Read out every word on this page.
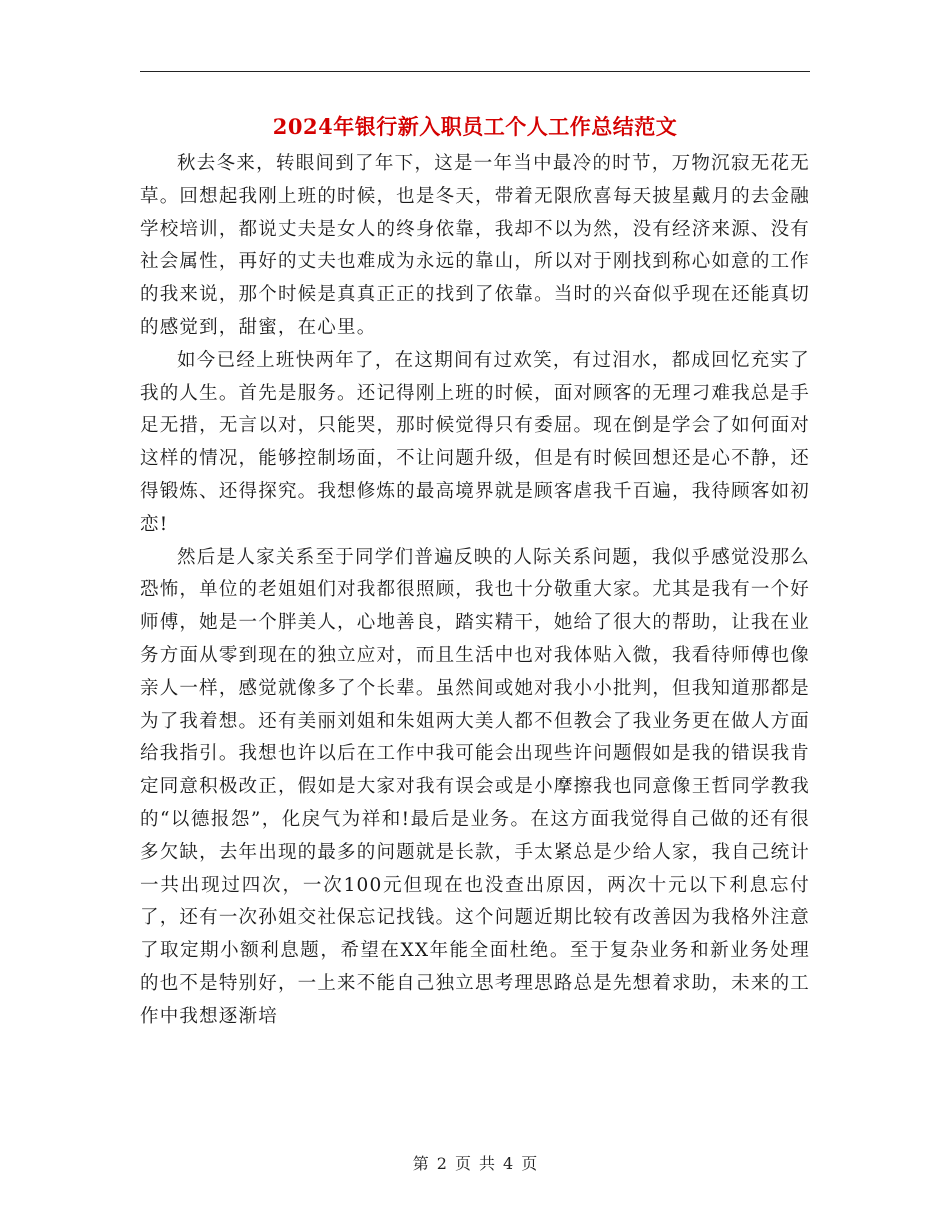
2024年银行新入职员工个人工作总结范文

秋去冬来，转眼间到了年下，这是一年当中最冷的时节，万物沉寂无花无草。回想起我刚上班的时候，也是冬天，带着无限欣喜每天披星戴月的去金融学校培训，都说丈夫是女人的终身依靠，我却不以为然，没有经济来源、没有社会属性，再好的丈夫也难成为永远的靠山，所以对于刚找到称心如意的工作的我来说，那个时候是真真正正的找到了依靠。当时的兴奋似乎现在还能真切的感觉到，甜蜜，在心里。

如今已经上班快两年了，在这期间有过欢笑，有过泪水，都成回忆充实了我的人生。首先是服务。还记得刚上班的时候，面对顾客的无理刁难我总是手足无措，无言以对，只能哭，那时候觉得只有委屈。现在倒是学会了如何面对这样的情况，能够控制场面，不让问题升级，但是有时候回想还是心不静，还得锻炼、还得探究。我想修炼的最高境界就是顾客虐我千百遍，我待顾客如初恋!

然后是人家关系至于同学们普遍反映的人际关系问题，我似乎感觉没那么恐怖，单位的老姐姐们对我都很照顾，我也十分敬重大家。尤其是我有一个好师傅，她是一个胖美人，心地善良，踏实精干，她给了很大的帮助，让我在业务方面从零到现在的独立应对，而且生活中也对我体贴入微，我看待师傅也像亲人一样，感觉就像多了个长辈。虽然间或她对我小小批判，但我知道那都是为了我着想。还有美丽刘姐和朱姐两大美人都不但教会了我业务更在做人方面给我指引。我想也许以后在工作中我可能会出现些许问题假如是我的错误我肯定同意积极改正，假如是大家对我有误会或是小摩擦我也同意像王哲同学教我的“以德报怨”，化戾气为祥和!最后是业务。在这方面我觉得自己做的还有很多欠缺，去年出现的最多的问题就是长款，手太紧总是少给人家，我自己统计一共出现过四次，一次100元但现在也没查出原因，两次十元以下利息忘付了，还有一次孙姐交社保忘记找钱。这个问题近期比较有改善因为我格外注意了取定期小额利息题，希望在XX年能全面杜绝。至于复杂业务和新业务处理的也不是特别好，一上来不能自己独立思考理思路总是先想着求助，未来的工作中我想逐渐培

第 2 页 共 4 页
